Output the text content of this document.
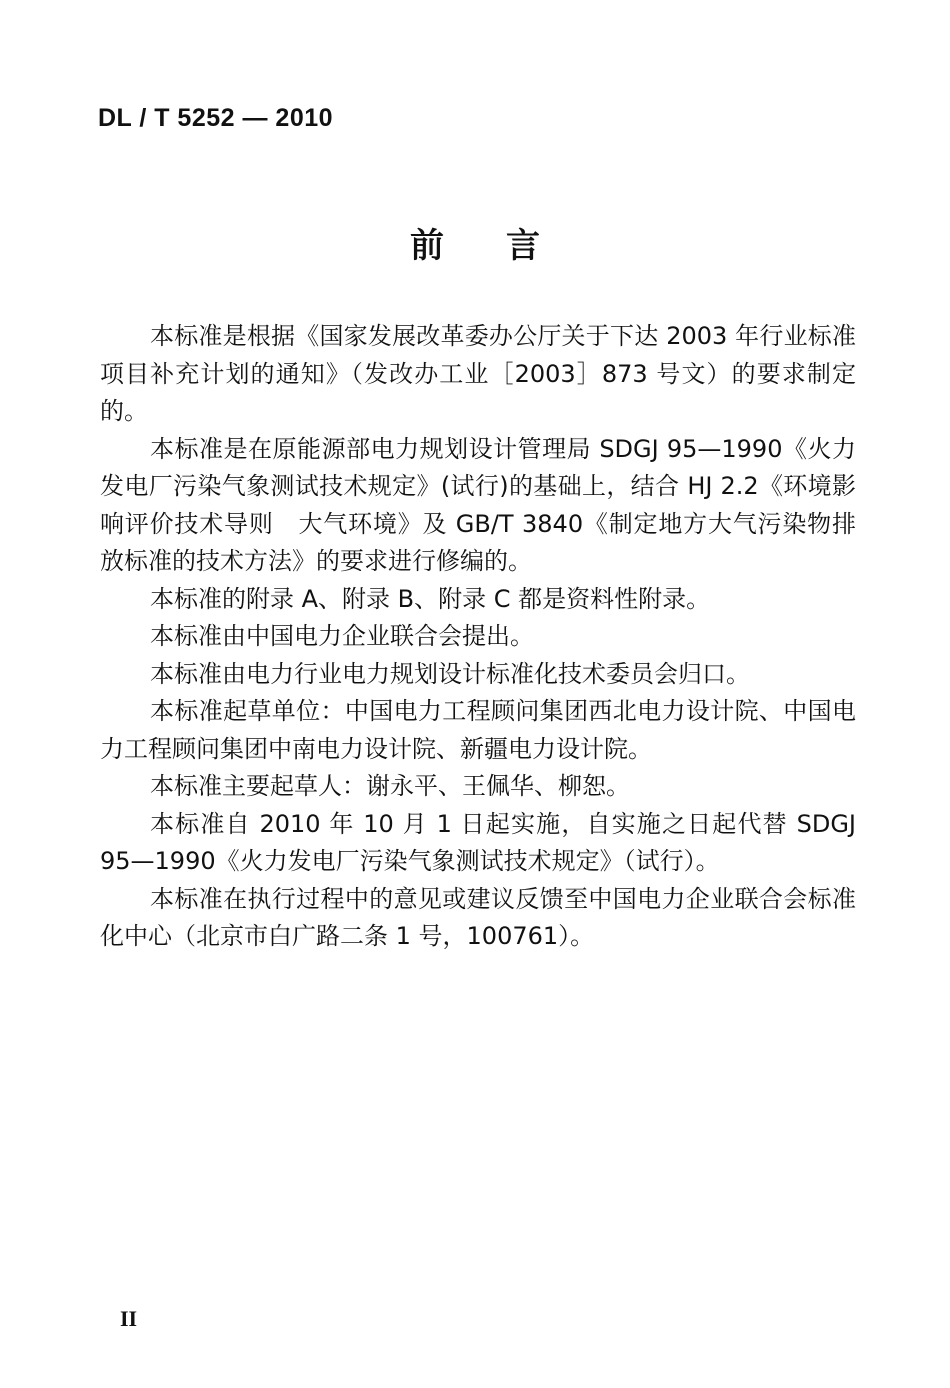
DL / T 5252 — 2010
前言

本标准是根据《国家发展改革委办公厅关于下达 2003 年行业标准项目补充计划的通知》（发改办工业［2003］873 号文）的要求制定的。

本标准是在原能源部电力规划设计管理局 SDGJ 95—1990《火力发电厂污染气象测试技术规定》(试行)的基础上，结合 HJ 2.2《环境影响评价技术导则　大气环境》及 GB/T 3840《制定地方大气污染物排放标准的技术方法》的要求进行修编的。

本标准的附录 A、附录 B、附录 C 都是资料性附录。

本标准由中国电力企业联合会提出。

本标准由电力行业电力规划设计标准化技术委员会归口。

本标准起草单位：中国电力工程顾问集团西北电力设计院、中国电力工程顾问集团中南电力设计院、新疆电力设计院。

本标准主要起草人：谢永平、王佩华、柳恕。

本标准自 2010 年 10 月 1 日起实施，自实施之日起代替 SDGJ 95—1990《火力发电厂污染气象测试技术规定》（试行）。

本标准在执行过程中的意见或建议反馈至中国电力企业联合会标准化中心（北京市白广路二条 1 号，100761）。

II
